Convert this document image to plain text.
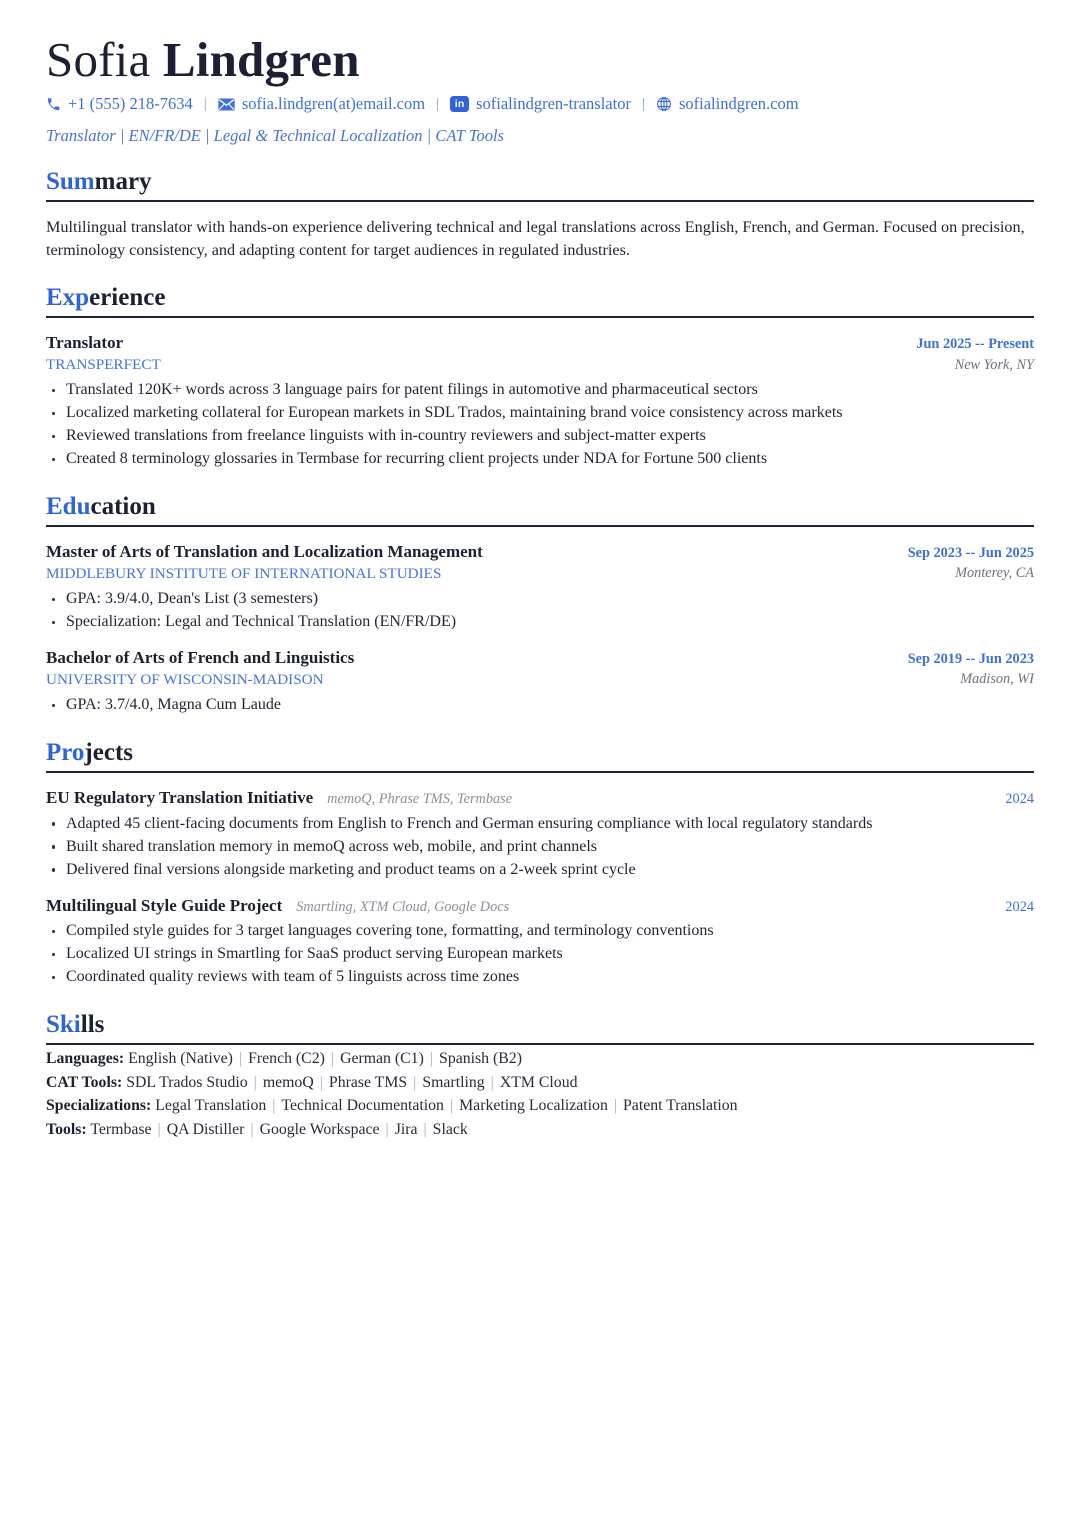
Sofia Lindgren
+1 (555) 218-7634 |	sofia.lindgren(at)email.com |	in sofialindgren-translator |	sofialindgren.com
Translator | EN/FR/DE | Legal & Technical Localization | CAT Tools
Summary

Multilingual translator with hands-on experience delivering technical and legal translations across English, French, and German. Focused on precision, terminology consistency, and adapting content for target audiences in regulated industries.

Experience
Translator
TRANSPERFECT
Jun 2025 -- Present
New York, NY
Translated 120K+ words across 3 language pairs for patent filings in automotive and pharmaceutical sectors
Localized marketing collateral for European markets in SDL Trados, maintaining brand voice consistency across markets
Reviewed translations from freelance linguists with in-country reviewers and subject-matter experts
Created 8 terminology glossaries in Termbase for recurring client projects under NDA for Fortune 500 clients
Education
Master of Arts of Translation and Localization Management
MIDDLEBURY INSTITUTE OF INTERNATIONAL STUDIES
Sep 2023 -- Jun 2025
Monterey, CA
GPA: 3.9/4.0, Dean's List (3 semesters)
Specialization: Legal and Technical Translation (EN/FR/DE)
Bachelor of Arts of French and Linguistics
UNIVERSITY OF WISCONSIN-MADISON
Sep 2019 -- Jun 2023
Madison, WI
GPA: 3.7/4.0, Magna Cum Laude
Projects
EU Regulatory Translation Initiative memoQ, Phrase TMS, Termbase	2024
Adapted 45 client-facing documents from English to French and German ensuring compliance with local regulatory standards
Built shared translation memory in memoQ across web, mobile, and print channels
Delivered final versions alongside marketing and product teams on a 2-week sprint cycle
Multilingual Style Guide Project Smartling, XTM Cloud, Google Docs	2024
Compiled style guides for 3 target languages covering tone, formatting, and terminology conventions
Localized UI strings in Smartling for SaaS product serving European markets
Coordinated quality reviews with team of 5 linguists across time zones
Skills
Languages: English (Native) | French (C2) | German (C1) | Spanish (B2)
CAT Tools: SDL Trados Studio | memoQ | Phrase TMS | Smartling | XTM Cloud
Specializations: Legal Translation | Technical Documentation | Marketing Localization | Patent Translation
Tools: Termbase | QA Distiller | Google Workspace | Jira | Slack
